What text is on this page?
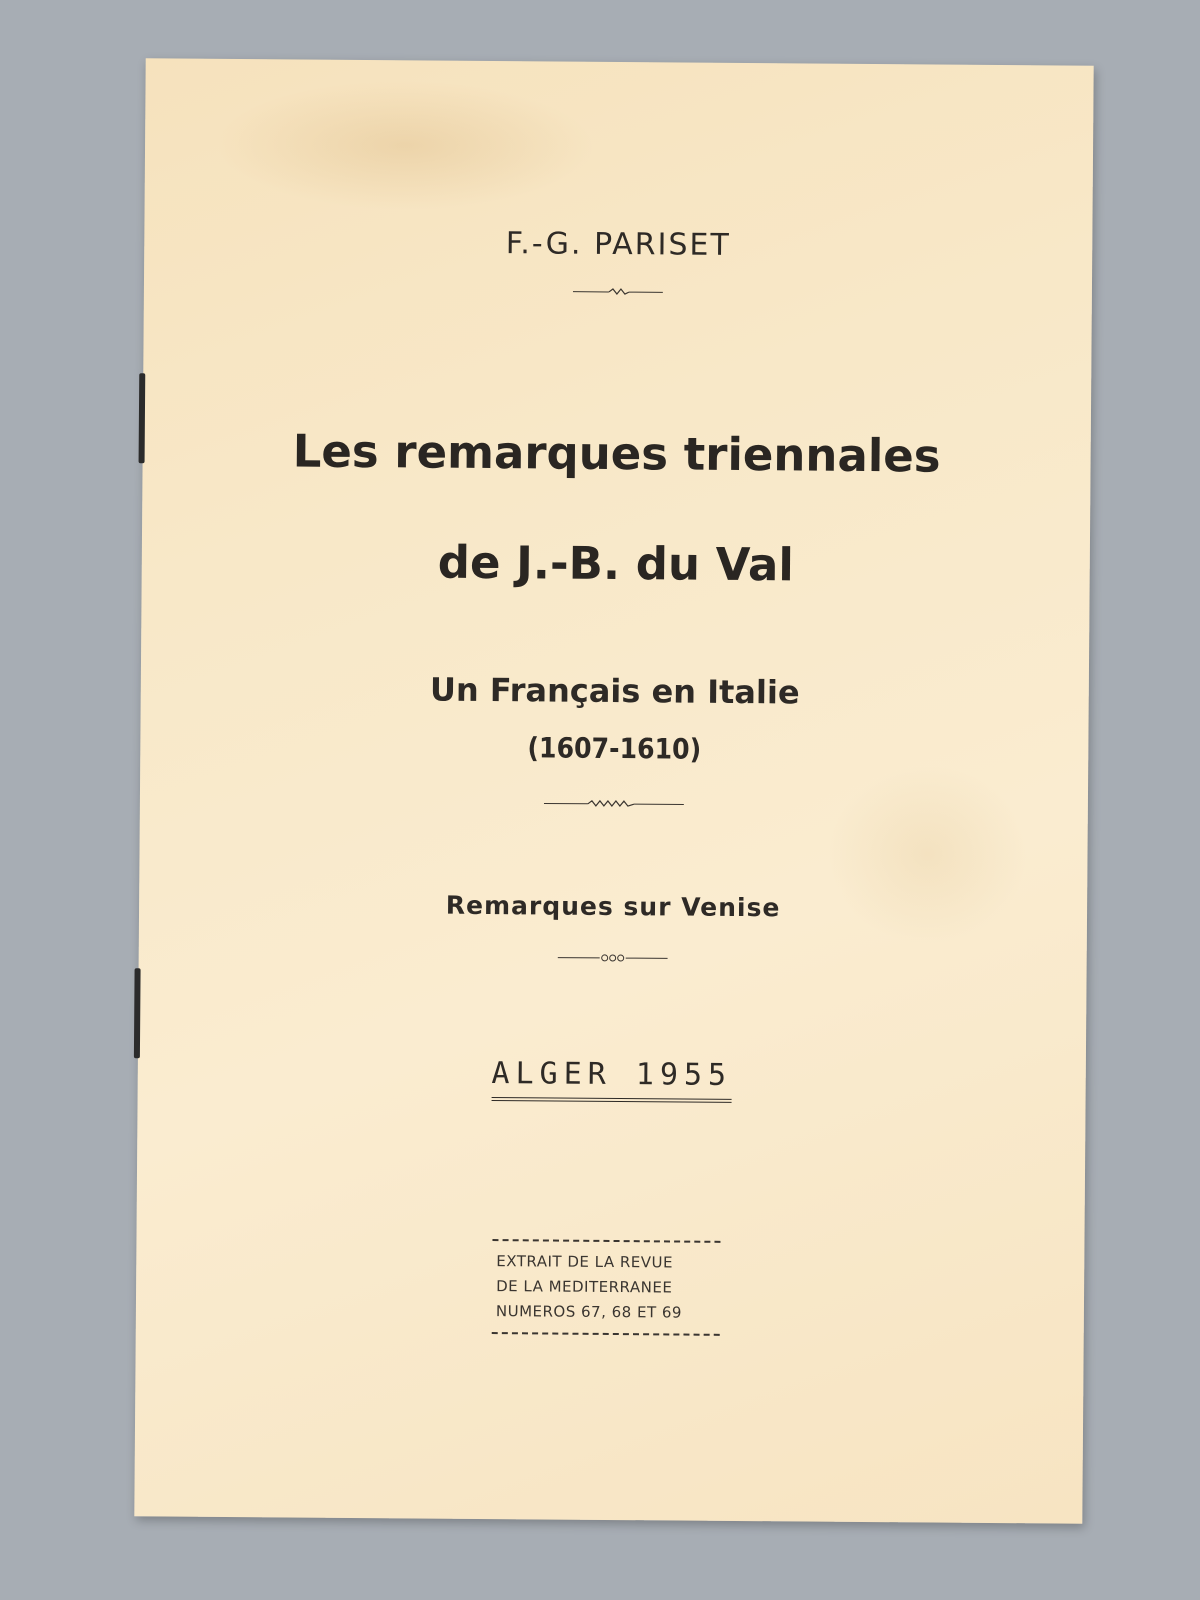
F.-G. PARISET
Les remarques triennales
de J.-B. du Val
Un Français en Italie
(1607-1610)
Remarques sur Venise
ALGER 1955
EXTRAIT DE LA REVUE
DE LA MEDITERRANEE
NUMEROS 67, 68 ET 69
